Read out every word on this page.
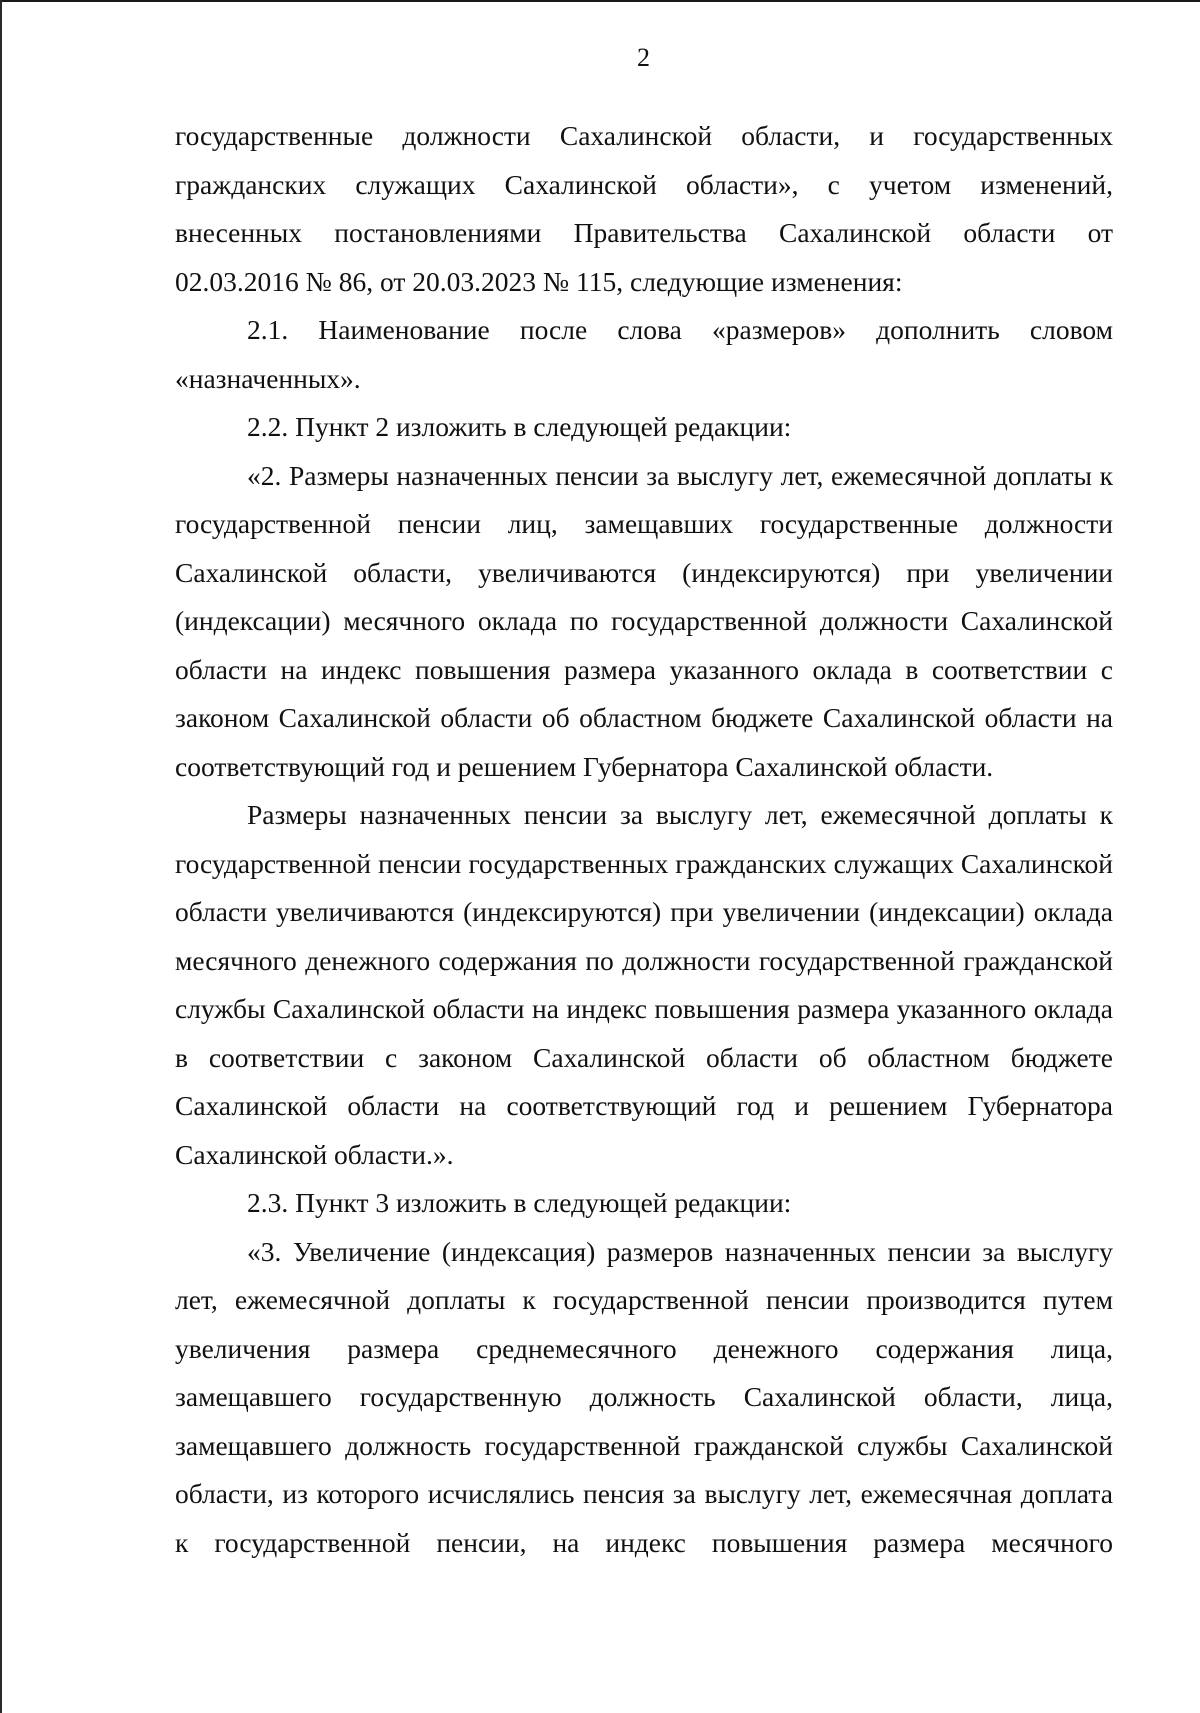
2

государственные должности Сахалинской области, и государственных гражданских служащих Сахалинской области», с учетом изменений, внесенных постановлениями Правительства Сахалинской области от 02.03.2016 № 86, от 20.03.2023 № 115, следующие изменения:

2.1. Наименование после слова «размеров» дополнить словом «назначенных».

2.2. Пункт 2 изложить в следующей редакции:

«2. Размеры назначенных пенсии за выслугу лет, ежемесячной доплаты к государственной пенсии лиц, замещавших государственные должности Сахалинской области, увеличиваются (индексируются) при увеличении (индексации) месячного оклада по государственной должности Сахалинской области на индекс повышения размера указанного оклада в соответствии с законом Сахалинской области об областном бюджете Сахалинской области на соответствующий год и решением Губернатора Сахалинской области.

Размеры назначенных пенсии за выслугу лет, ежемесячной доплаты к государственной пенсии государственных гражданских служащих Сахалинской области увеличиваются (индексируются) при увеличении (индексации) оклада месячного денежного содержания по должности государственной гражданской службы Сахалинской области на индекс повышения размера указанного оклада в соответствии с законом Сахалинской области об областном бюджете Сахалинской области на соответствующий год и решением Губернатора Сахалинской области.».

2.3. Пункт 3 изложить в следующей редакции:

«3. Увеличение (индексация) размеров назначенных пенсии за выслугу лет, ежемесячной доплаты к государственной пенсии производится путем увеличения размера среднемесячного денежного содержания лица, замещавшего государственную должность Сахалинской области, лица, замещавшего должность государственной гражданской службы Сахалинской области, из которого исчислялись пенсия за выслугу лет, ежемесячная доплата к государственной пенсии, на индекс повышения размера месячного
